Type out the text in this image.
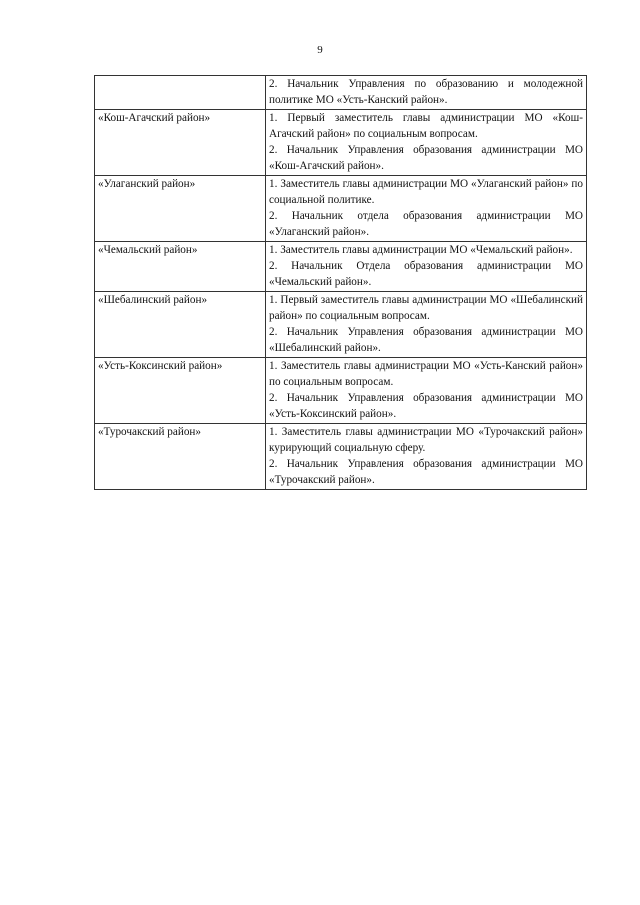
9

	2. Начальник Управления по образованию и молодежной политике МО «Усть-Канский район».

«Кош-Агачский район»	1. Первый заместитель главы администрации МО «Кош-Агачский район» по социальным вопросам.
2. Начальник Управления образования администрации МО «Кош-Агачский район».

«Улаганский район»	1. Заместитель главы администрации МО «Улаганский район» по социальной политике.
2. Начальник отдела образования администрации МО «Улаганский район».

«Чемальский район»	1. Заместитель главы администрации МО «Чемальский район».
2. Начальник Отдела образования администрации МО «Чемальский район».

«Шебалинский район»	1. Первый заместитель главы администрации МО «Шебалинский район» по социальным вопросам.
2. Начальник Управления образования администрации МО «Шебалинский район».

«Усть-Коксинский район»	1. Заместитель главы администрации МО «Усть-Канский район» по социальным вопросам.
2. Начальник Управления образования администрации МО «Усть-Коксинский район».

«Турочакский район»	1. Заместитель главы администрации МО «Турочакский район» курирующий социальную сферу.
2. Начальник Управления образования администрации МО «Турочакский район».
